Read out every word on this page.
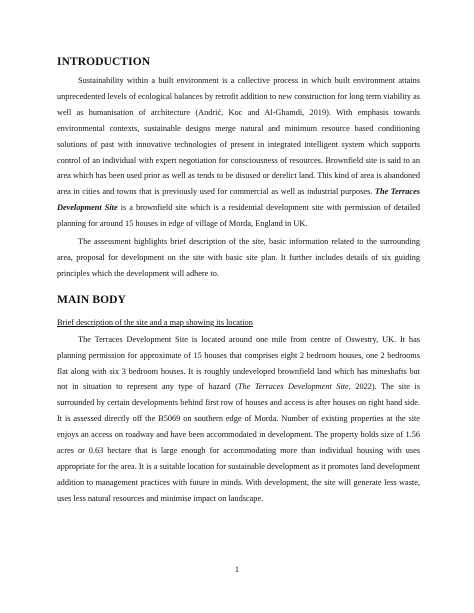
INTRODUCTION

Sustainability within a built environment is a collective process in which built environment attains unprecedented levels of ecological balances by retrofit addition to new construction for long term viability as well as humanisation of architecture (Andrić, Koc and Al-Ghamdi, 2019). With emphasis towards environmental contexts, sustainable designs merge natural and minimum resource based conditioning solutions of past with innovative technologies of present in integrated intelligent system which supports control of an individual with expert negotiation for consciousness of resources. Brownfield site is said to an area which has been used prior as well as tends to be disused or derelict land. This kind of area is abandoned area in cities and towns that is previously used for commercial as well as industrial purposes. The Terraces Development Site is a brownfield site which is a residential development site with permission of detailed planning for around 15 houses in edge of village of Morda, England in UK.

The assessment highlights brief description of the site, basic information related to the surrounding area, proposal for development on the site with basic site plan. It further includes details of six guiding principles which the development will adhere to.

MAIN BODY
Brief description of the site and a map showing its location

The Terraces Development Site is located around one mile from centre of Oswestry, UK. It has planning permission for approximate of 15 houses that comprises eight 2 bedroom houses, one 2 bedrooms flat along with six 3 bedroom houses. It is roughly undeveloped brownfield land which has mineshafts but not in situation to represent any type of hazard (The Terraces Development Site, 2022). The site is surrounded by certain developments behind first row of houses and access is after houses on right hand side. It is assessed directly off the B5069 on southern edge of Morda. Number of existing properties at the site enjoys an access on roadway and have been accommodated in development. The property holds size of 1.56 acres or 0.63 hectare that is large enough for accommodating more than individual housing with uses appropriate for the area. It is a suitable location for sustainable development as it promotes land development addition to management practices with future in minds. With development, the site will generate less waste, uses less natural resources and minimise impact on landscape.

1
